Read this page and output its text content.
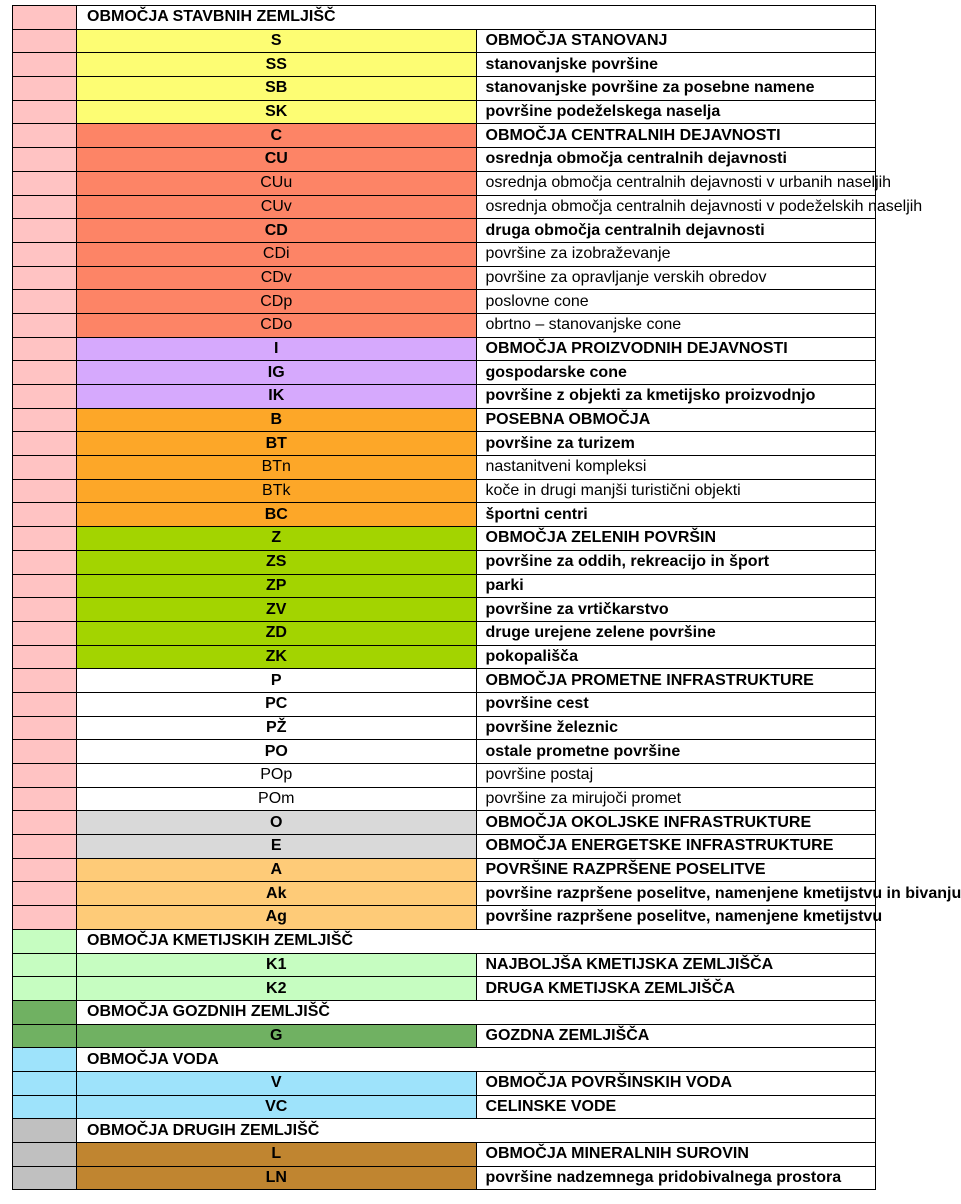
	OBMOČJA STAVBNIH ZEMLJIŠČ	
	S	OBMOČJA STANOVANJ
	SS	stanovanjske površine
	SB	stanovanjske površine za posebne namene
	SK	površine podeželskega naselja
	C	OBMOČJA CENTRALNIH DEJAVNOSTI
	CU	osrednja območja centralnih dejavnosti
	CUu	osrednja območja centralnih dejavnosti v urbanih naseljih
	CUv	osrednja območja centralnih dejavnosti v podeželskih naseljih
	CD	druga območja centralnih dejavnosti
	CDi	površine za izobraževanje
	CDv	površine za opravljanje verskih obredov
	CDp	poslovne cone
	CDo	obrtno – stanovanjske cone
	I	OBMOČJA PROIZVODNIH DEJAVNOSTI
	IG	gospodarske cone
	IK	površine z objekti za kmetijsko proizvodnjo
	B	POSEBNA OBMOČJA
	BT	površine za turizem
	BTn	nastanitveni kompleksi
	BTk	koče in drugi manjši turistični objekti
	BC	športni centri
	Z	OBMOČJA ZELENIH POVRŠIN
	ZS	površine za oddih, rekreacijo in šport
	ZP	parki
	ZV	površine za vrtičkarstvo
	ZD	druge urejene zelene površine
	ZK	pokopališča
	P	OBMOČJA PROMETNE INFRASTRUKTURE
	PC	površine cest
	PŽ	površine železnic
	PO	ostale prometne površine
	POp	površine postaj
	POm	površine za mirujoči promet
	O	OBMOČJA OKOLJSKE INFRASTRUKTURE
	E	OBMOČJA ENERGETSKE INFRASTRUKTURE
	A	POVRŠINE RAZPRŠENE POSELITVE
	Ak	površine razpršene poselitve, namenjene kmetijstvu in bivanju
	Ag	površine razpršene poselitve, namenjene kmetijstvu
	OBMOČJA KMETIJSKIH ZEMLJIŠČ	
	K1	NAJBOLJŠA KMETIJSKA ZEMLJIŠČA
	K2	DRUGA KMETIJSKA ZEMLJIŠČA
	OBMOČJA GOZDNIH ZEMLJIŠČ	
	G	GOZDNA ZEMLJIŠČA
	OBMOČJA VODA	
	V	OBMOČJA POVRŠINSKIH VODA
	VC	CELINSKE VODE
	OBMOČJA DRUGIH ZEMLJIŠČ	
	L	OBMOČJA MINERALNIH SUROVIN
	LN	površine nadzemnega pridobivalnega prostora
